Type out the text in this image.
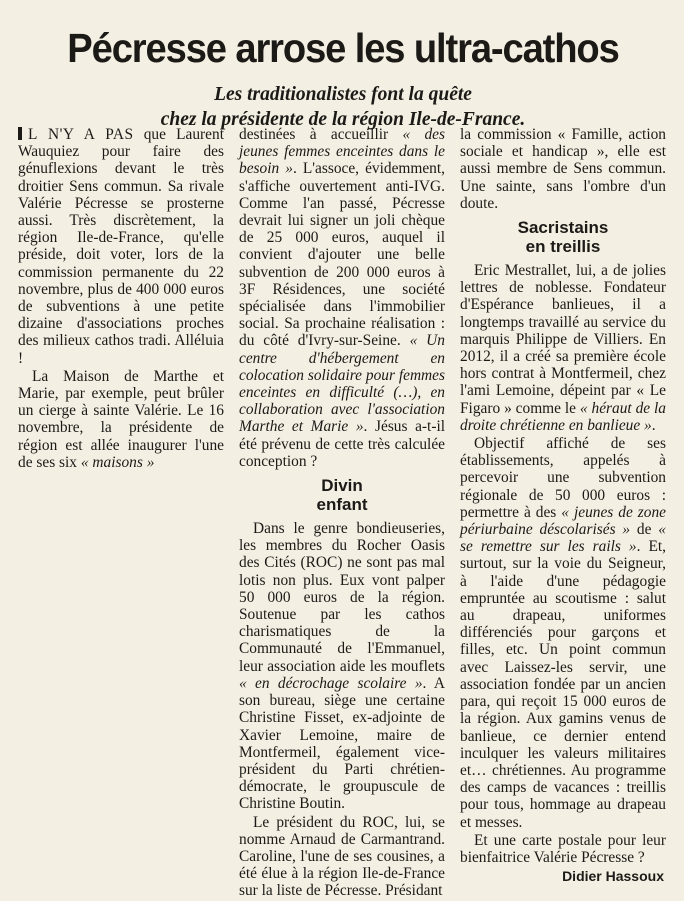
Pécresse arrose les ultra-cathos
Les traditionalistes font la quête
chez la présidente de la région Ile-de-France.

L N'Y A PAS que Laurent Wauquiez pour faire des génuflexions devant le très droitier Sens commun. Sa rivale Valérie Pécresse se prosterne aussi. Très discrètement, la région Ile-de-France, qu'elle préside, doit voter, lors de la commission permanente du 22 novembre, plus de 400 000 euros de subventions à une petite dizaine d'associations proches des milieux cathos tradi. Alléluia !

La Maison de Marthe et Marie, par exemple, peut brûler un cierge à sainte Valérie. Le 16 novembre, la présidente de région est allée inaugurer l'une de ses six « maisons »

destinées à accueillir « des jeunes femmes enceintes dans le besoin ». L'assoce, évidemment, s'affiche ouvertement anti-IVG. Comme l'an passé, Pécresse devrait lui signer un joli chèque de 25 000 euros, auquel il convient d'ajouter une belle subvention de 200 000 euros à 3F Résidences, une société spécialisée dans l'immobilier social. Sa prochaine réalisation : du côté d'Ivry-sur-Seine. « Un centre d'hébergement en colocation solidaire pour femmes enceintes en difficulté (…), en collaboration avec l'association Marthe et Marie ». Jésus a-t-il été prévenu de cette très calculée conception ?

Divin
enfant

Dans le genre bondieuseries, les membres du Rocher Oasis des Cités (ROC) ne sont pas mal lotis non plus. Eux vont palper 50 000 euros de la région. Soutenue par les cathos charismatiques de la Communauté de l'Emmanuel, leur association aide les mouflets « en décrochage scolaire ». A son bureau, siège une certaine Christine Fisset, ex-adjointe de Xavier Lemoine, maire de Montfermeil, également vice-président du Parti chrétien-démocrate, le groupuscule de Christine Boutin.

Le président du ROC, lui, se nomme Arnaud de Carmantrand. Caroline, l'une de ses cousines, a été élue à la région Ile-de-France sur la liste de Pécresse. Présidant

la commission « Famille, action sociale et handicap », elle est aussi membre de Sens commun. Une sainte, sans l'ombre d'un doute.

Sacristains
en treillis

Eric Mestrallet, lui, a de jolies lettres de noblesse. Fondateur d'Espérance banlieues, il a longtemps travaillé au service du marquis Philippe de Villiers. En 2012, il a créé sa première école hors contrat à Montfermeil, chez l'ami Lemoine, dépeint par « Le Figaro » comme le « héraut de la droite chrétienne en banlieue ».

Objectif affiché de ses établissements, appelés à percevoir une subvention régionale de 50 000 euros : permettre à des « jeunes de zone périurbaine déscolarisés » de « se remettre sur les rails ». Et, surtout, sur la voie du Seigneur, à l'aide d'une pédagogie empruntée au scoutisme : salut au drapeau, uniformes différenciés pour garçons et filles, etc. Un point commun avec Laissez-les servir, une association fondée par un ancien para, qui reçoit 15 000 euros de la région. Aux gamins venus de banlieue, ce dernier entend inculquer les valeurs militaires et… chrétiennes. Au programme des camps de vacances : treillis pour tous, hommage au drapeau et messes.

Et une carte postale pour leur bienfaitrice Valérie Pécresse ?

Didier Hassoux
